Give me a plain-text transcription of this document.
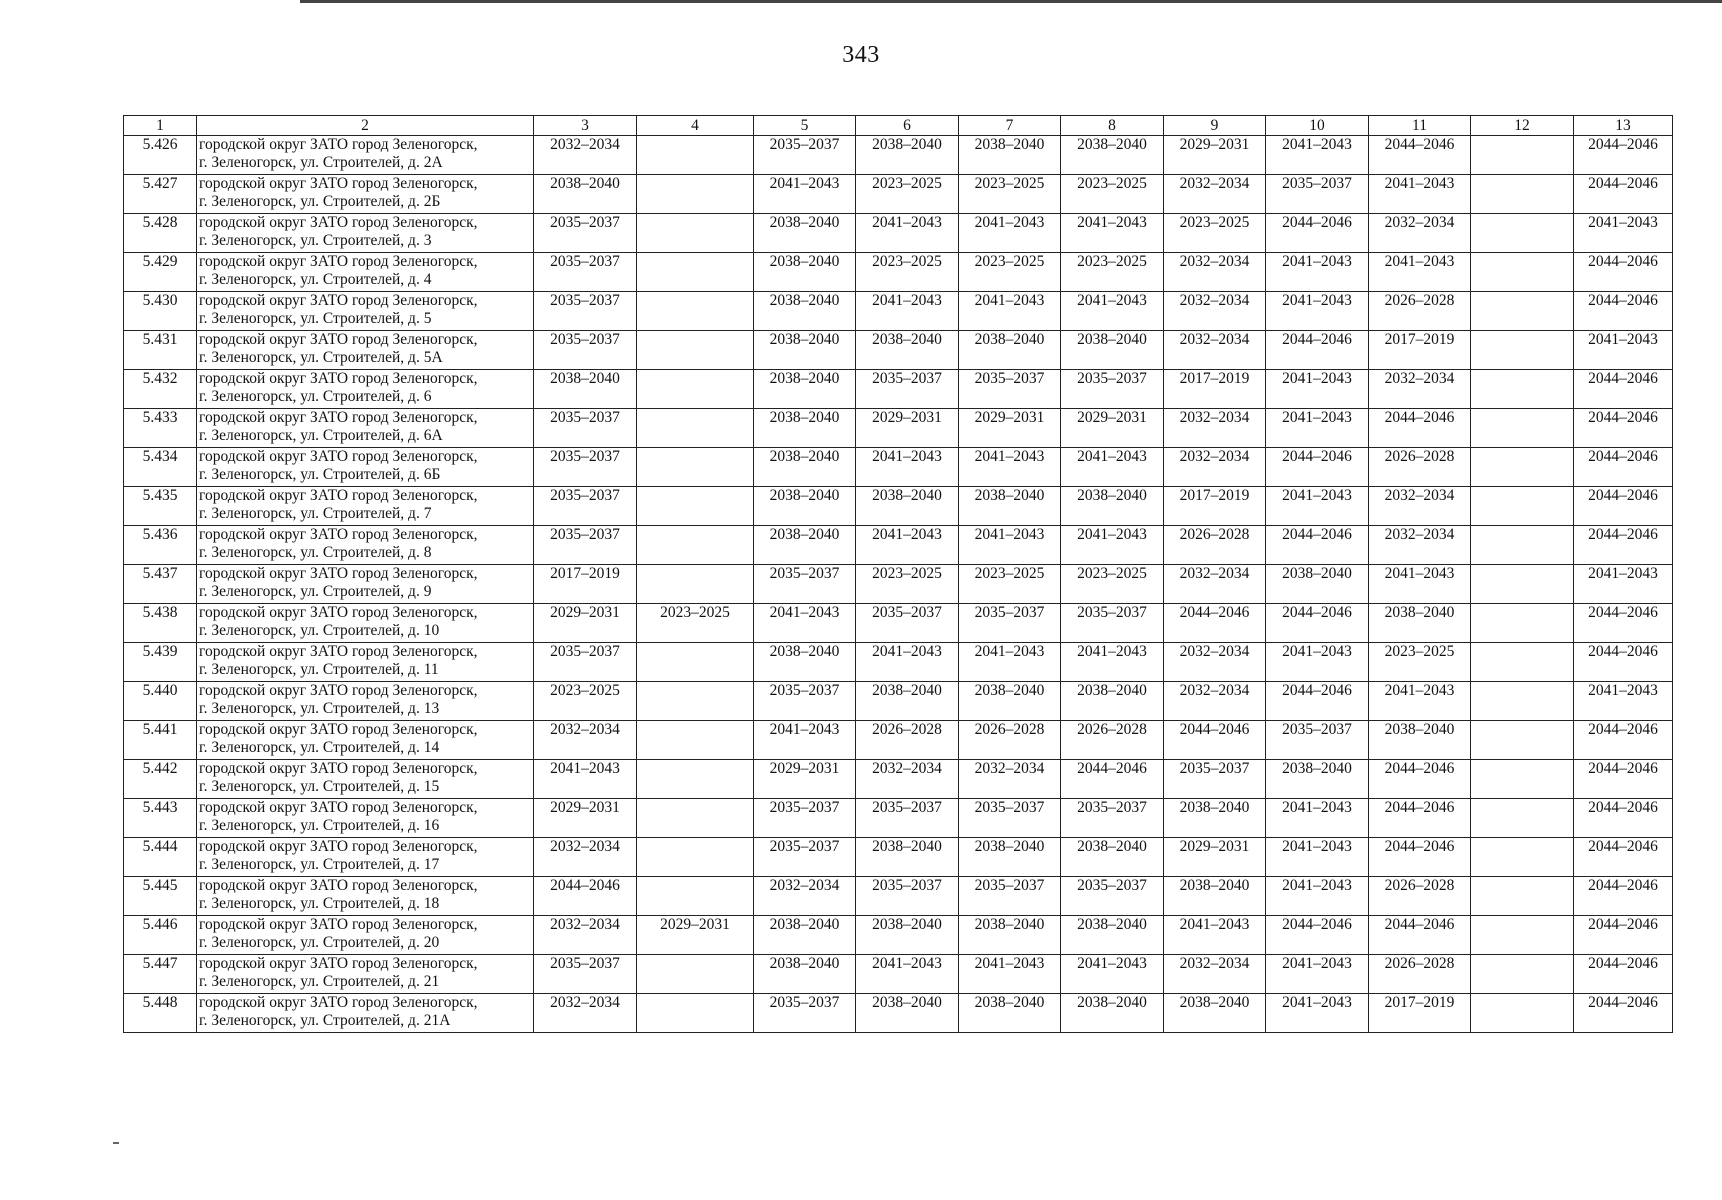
343
1	2	3	4	5	6	7	8	9	10	11	12	13
5.426	городской округ ЗАТО город Зеленогорск,
г. Зеленогорск, ул. Строителей, д. 2А	2032–2034		2035–2037	2038–2040	2038–2040	2038–2040	2029–2031	2041–2043	2044–2046		2044–2046
5.427	городской округ ЗАТО город Зеленогорск,
г. Зеленогорск, ул. Строителей, д. 2Б	2038–2040		2041–2043	2023–2025	2023–2025	2023–2025	2032–2034	2035–2037	2041–2043		2044–2046
5.428	городской округ ЗАТО город Зеленогорск,
г. Зеленогорск, ул. Строителей, д. 3	2035–2037		2038–2040	2041–2043	2041–2043	2041–2043	2023–2025	2044–2046	2032–2034		2041–2043
5.429	городской округ ЗАТО город Зеленогорск,
г. Зеленогорск, ул. Строителей, д. 4	2035–2037		2038–2040	2023–2025	2023–2025	2023–2025	2032–2034	2041–2043	2041–2043		2044–2046
5.430	городской округ ЗАТО город Зеленогорск,
г. Зеленогорск, ул. Строителей, д. 5	2035–2037		2038–2040	2041–2043	2041–2043	2041–2043	2032–2034	2041–2043	2026–2028		2044–2046
5.431	городской округ ЗАТО город Зеленогорск,
г. Зеленогорск, ул. Строителей, д. 5А	2035–2037		2038–2040	2038–2040	2038–2040	2038–2040	2032–2034	2044–2046	2017–2019		2041–2043
5.432	городской округ ЗАТО город Зеленогорск,
г. Зеленогорск, ул. Строителей, д. 6	2038–2040		2038–2040	2035–2037	2035–2037	2035–2037	2017–2019	2041–2043	2032–2034		2044–2046
5.433	городской округ ЗАТО город Зеленогорск,
г. Зеленогорск, ул. Строителей, д. 6А	2035–2037		2038–2040	2029–2031	2029–2031	2029–2031	2032–2034	2041–2043	2044–2046		2044–2046
5.434	городской округ ЗАТО город Зеленогорск,
г. Зеленогорск, ул. Строителей, д. 6Б	2035–2037		2038–2040	2041–2043	2041–2043	2041–2043	2032–2034	2044–2046	2026–2028		2044–2046
5.435	городской округ ЗАТО город Зеленогорск,
г. Зеленогорск, ул. Строителей, д. 7	2035–2037		2038–2040	2038–2040	2038–2040	2038–2040	2017–2019	2041–2043	2032–2034		2044–2046
5.436	городской округ ЗАТО город Зеленогорск,
г. Зеленогорск, ул. Строителей, д. 8	2035–2037		2038–2040	2041–2043	2041–2043	2041–2043	2026–2028	2044–2046	2032–2034		2044–2046
5.437	городской округ ЗАТО город Зеленогорск,
г. Зеленогорск, ул. Строителей, д. 9	2017–2019		2035–2037	2023–2025	2023–2025	2023–2025	2032–2034	2038–2040	2041–2043		2041–2043
5.438	городской округ ЗАТО город Зеленогорск,
г. Зеленогорск, ул. Строителей, д. 10	2029–2031	2023–2025	2041–2043	2035–2037	2035–2037	2035–2037	2044–2046	2044–2046	2038–2040		2044–2046
5.439	городской округ ЗАТО город Зеленогорск,
г. Зеленогорск, ул. Строителей, д. 11	2035–2037		2038–2040	2041–2043	2041–2043	2041–2043	2032–2034	2041–2043	2023–2025		2044–2046
5.440	городской округ ЗАТО город Зеленогорск,
г. Зеленогорск, ул. Строителей, д. 13	2023–2025		2035–2037	2038–2040	2038–2040	2038–2040	2032–2034	2044–2046	2041–2043		2041–2043
5.441	городской округ ЗАТО город Зеленогорск,
г. Зеленогорск, ул. Строителей, д. 14	2032–2034		2041–2043	2026–2028	2026–2028	2026–2028	2044–2046	2035–2037	2038–2040		2044–2046
5.442	городской округ ЗАТО город Зеленогорск,
г. Зеленогорск, ул. Строителей, д. 15	2041–2043		2029–2031	2032–2034	2032–2034	2044–2046	2035–2037	2038–2040	2044–2046		2044–2046
5.443	городской округ ЗАТО город Зеленогорск,
г. Зеленогорск, ул. Строителей, д. 16	2029–2031		2035–2037	2035–2037	2035–2037	2035–2037	2038–2040	2041–2043	2044–2046		2044–2046
5.444	городской округ ЗАТО город Зеленогорск,
г. Зеленогорск, ул. Строителей, д. 17	2032–2034		2035–2037	2038–2040	2038–2040	2038–2040	2029–2031	2041–2043	2044–2046		2044–2046
5.445	городской округ ЗАТО город Зеленогорск,
г. Зеленогорск, ул. Строителей, д. 18	2044–2046		2032–2034	2035–2037	2035–2037	2035–2037	2038–2040	2041–2043	2026–2028		2044–2046
5.446	городской округ ЗАТО город Зеленогорск,
г. Зеленогорск, ул. Строителей, д. 20	2032–2034	2029–2031	2038–2040	2038–2040	2038–2040	2038–2040	2041–2043	2044–2046	2044–2046		2044–2046
5.447	городской округ ЗАТО город Зеленогорск,
г. Зеленогорск, ул. Строителей, д. 21	2035–2037		2038–2040	2041–2043	2041–2043	2041–2043	2032–2034	2041–2043	2026–2028		2044–2046
5.448	городской округ ЗАТО город Зеленогорск,
г. Зеленогорск, ул. Строителей, д. 21А	2032–2034		2035–2037	2038–2040	2038–2040	2038–2040	2038–2040	2041–2043	2017–2019		2044–2046
